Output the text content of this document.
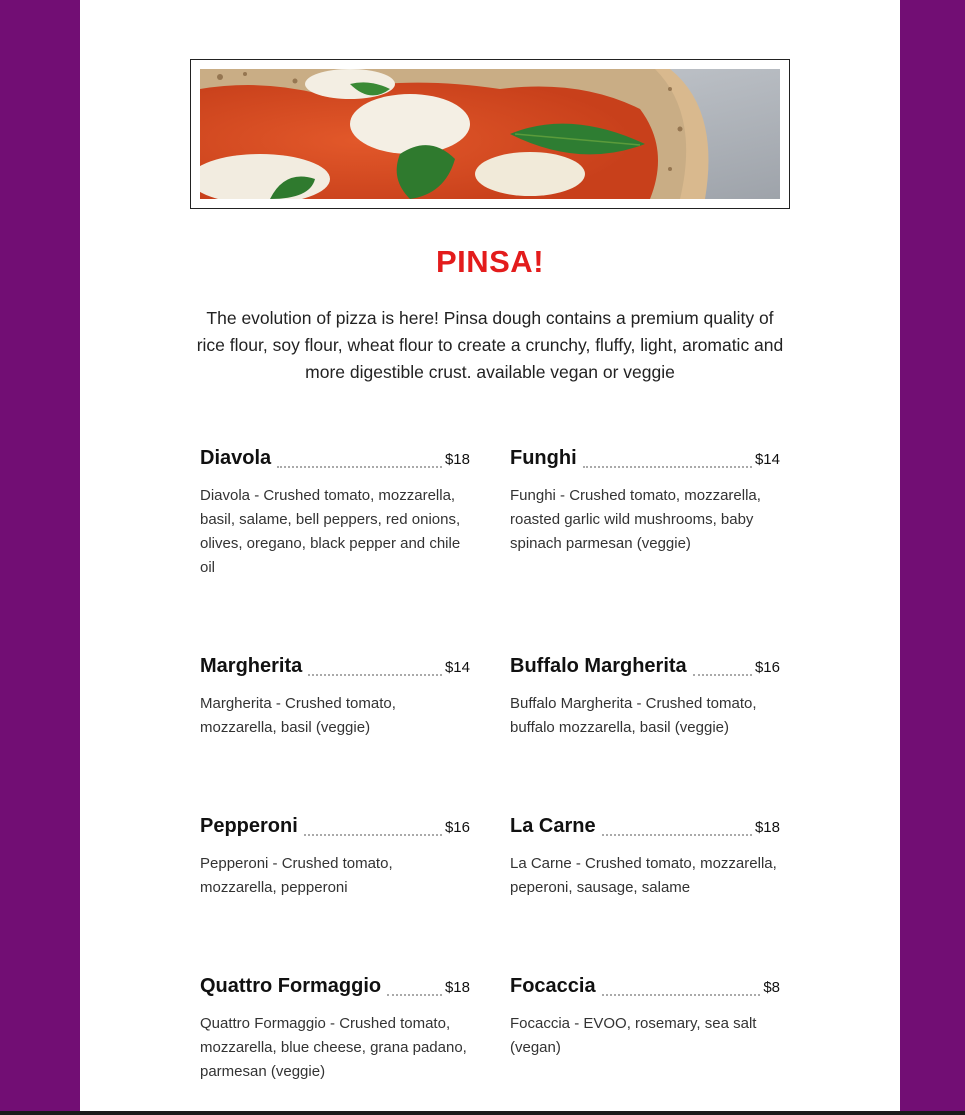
PINSA!
The evolution of pizza is here! Pinsa dough contains a premium quality of rice flour, soy flour, wheat flour to create a crunchy, fluffy, light, aromatic and more digestible crust. available vegan or veggie
Diavola	$18
Diavola - Crushed tomato, mozzarella, basil, salame, bell peppers, red onions, olives, oregano, black pepper and chile oil
Funghi	$14
Funghi - Crushed tomato, mozzarella, roasted garlic wild mushrooms, baby spinach parmesan (veggie)
Margherita	$14
Margherita - Crushed tomato, mozzarella, basil (veggie)
Buffalo Margherita	$16
Buffalo Margherita - Crushed tomato, buffalo mozzarella, basil (veggie)
Pepperoni	$16
Pepperoni - Crushed tomato, mozzarella, pepperoni
La Carne	$18
La Carne - Crushed tomato, mozzarella, peperoni, sausage, salame
Quattro Formaggio	$18
Quattro Formaggio - Crushed tomato, mozzarella, blue cheese, grana padano, parmesan (veggie)
Focaccia	$8
Focaccia - EVOO, rosemary, sea salt (vegan)
